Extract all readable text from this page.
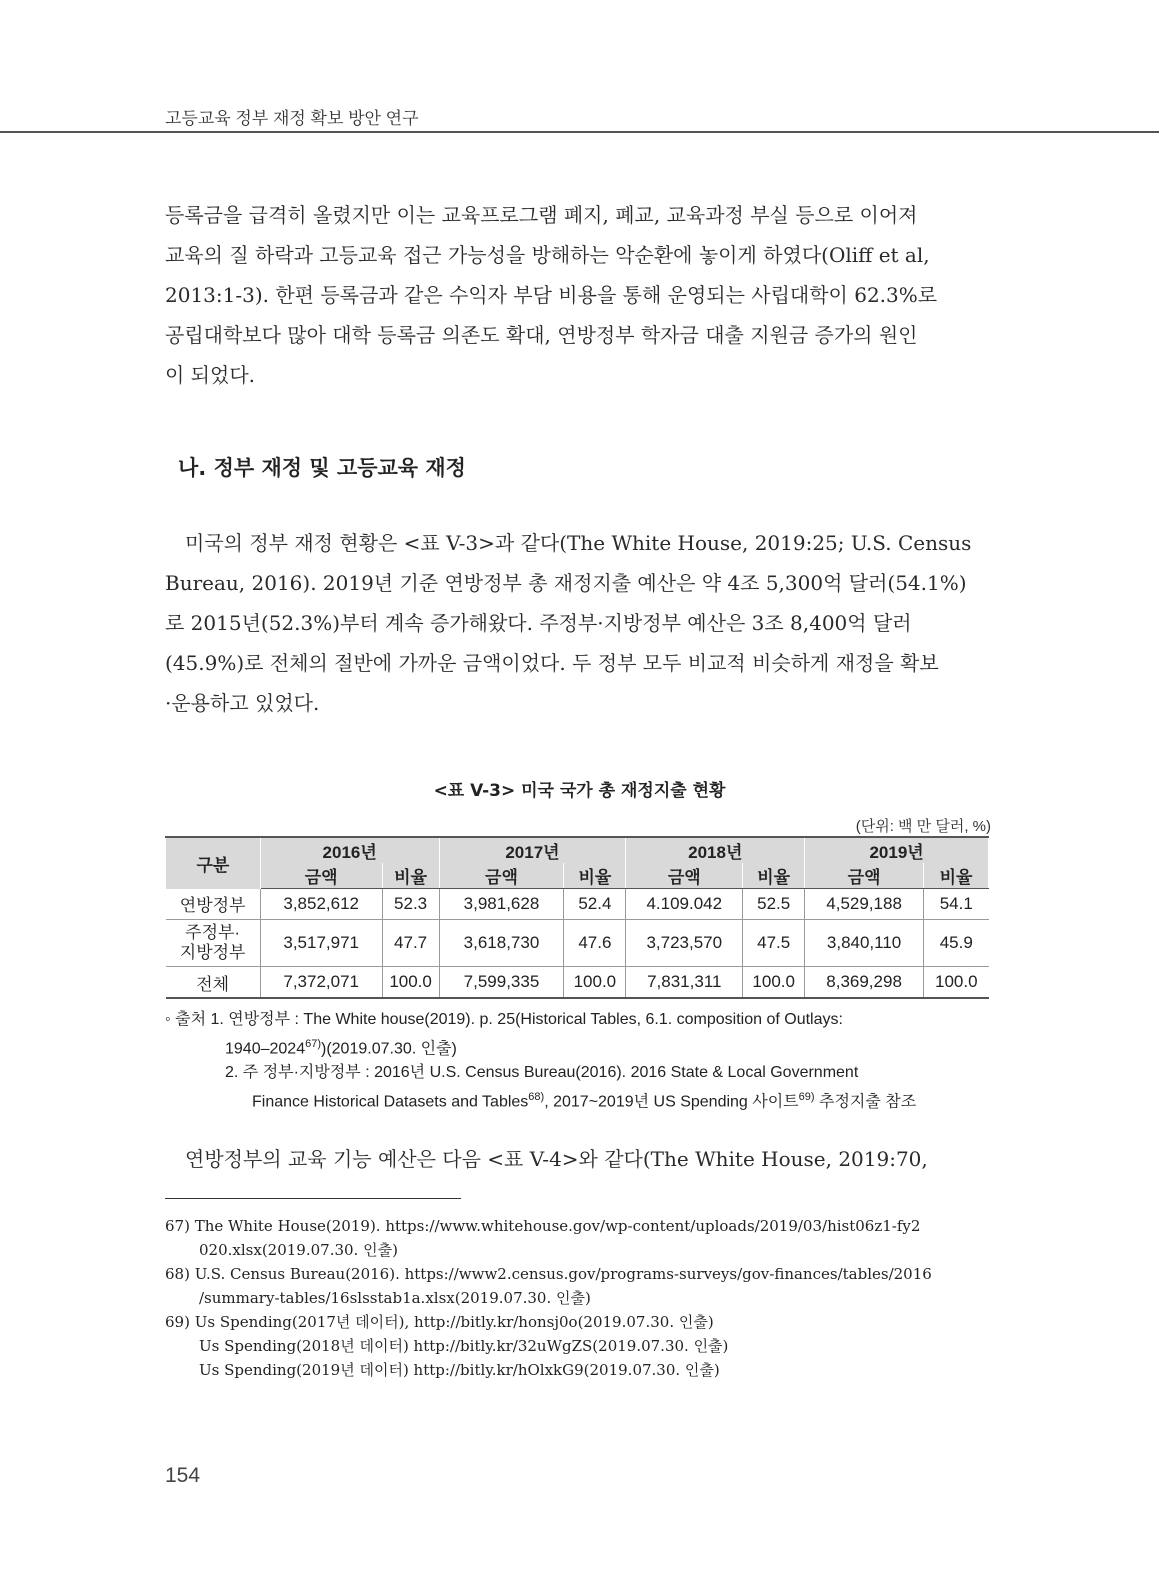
고등교육 정부 재정 확보 방안 연구
등록금을 급격히 올렸지만 이는 교육프로그램 폐지, 폐교, 교육과정 부실 등으로 이어져
교육의 질 하락과 고등교육 접근 가능성을 방해하는 악순환에 놓이게 하였다(Oliff et al,
2013:1-3). 한편 등록금과 같은 수익자 부담 비용을 통해 운영되는 사립대학이 62.3%로
공립대학보다 많아 대학 등록금 의존도 확대, 연방정부 학자금 대출 지원금 증가의 원인
이 되었다.
나. 정부 재정 및 고등교육 재정
미국의 정부 재정 현황은 <표 V-3>과 같다(The White House, 2019:25; U.S. Census
Bureau, 2016). 2019년 기준 연방정부 총 재정지출 예산은 약 4조 5,300억 달러(54.1%)
로 2015년(52.3%)부터 계속 증가해왔다. 주정부·지방정부 예산은 3조 8,400억 달러
(45.9%)로 전체의 절반에 가까운 금액이었다. 두 정부 모두 비교적 비슷하게 재정을 확보
·운용하고 있었다.
<표 V-3> 미국 국가 총 재정지출 현황
(단위: 백 만 달러, %)
구분	2016년		2017년		2018년		2019년	
	금액	비율	금액	비율	금액	비율	금액	비율
연방정부	3,852,612	52.3	3,981,628	52.4	4.109.042	52.5	4,529,188	54.1

주정부·
지방정부	3,517,971	47.7	3,618,730	47.6	3,723,570	47.5	3,840,110	45.9
전체	7,372,071	100.0	7,599,335	100.0	7,831,311	100.0	8,369,298	100.0
◦ 출처 1. 연방정부 : The White house(2019). p. 25(Historical Tables, 6.1. composition of Outlays:
1940–2024$^{67)}$)(2019.07.30. 인출)
2. 주 정부·지방정부 : 2016년 U.S. Census Bureau(2016). 2016 State & Local Government
Finance Historical Datasets and Tables$^{68)}$, 2017~2019년 US Spending 사이트$^{69)}$ 추정지출 참조
연방정부의 교육 기능 예산은 다음 <표 V-4>와 같다(The White House, 2019:70,
67) The White House(2019). https://www.whitehouse.gov/wp-content/uploads/2019/03/hist06z1-fy2
020.xlsx(2019.07.30. 인출)
68) U.S. Census Bureau(2016). https://www2.census.gov/programs-surveys/gov-finances/tables/2016
/summary-tables/16slsstab1a.xlsx(2019.07.30. 인출)
69) Us Spending(2017년 데이터), http://bitly.kr/honsj0o(2019.07.30. 인출)
Us Spending(2018년 데이터) http://bitly.kr/32uWgZS(2019.07.30. 인출)
Us Spending(2019년 데이터) http://bitly.kr/hOlxkG9(2019.07.30. 인출)
154
